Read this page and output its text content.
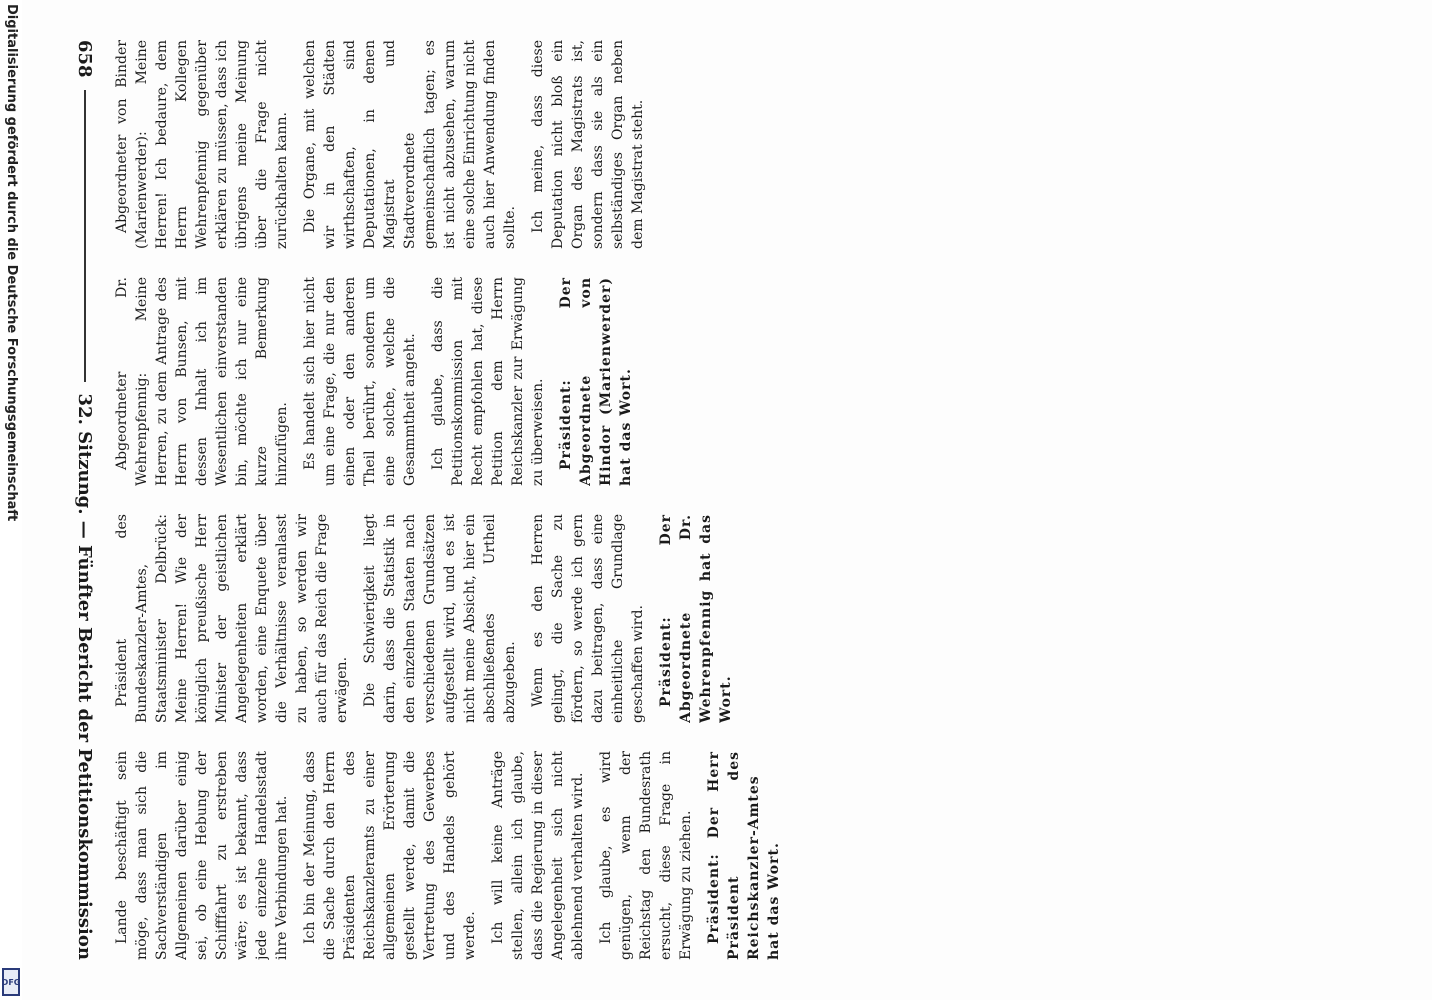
Lande beschäftigt sein möge, dass man sich die Sachverständigen im Allgemeinen darüber einig sei, ob eine Hebung der Schifffahrt zu erstreben wäre; es ist bekannt, dass jede einzelne Handelsstadt ihre Verbindungen hat. Ich bin der Meinung, dass die Sache durch den Herrn Präsidenten des Reichskanzleramts zu einer allgemeinen Erörterung gestellt werde, damit die Vertretung des Gewerbes und des Handels gehört werde. Ich will keine Anträge stellen, allein ich glaube, dass die Regierung in dieser Angelegenheit sich nicht ablehnend verhalten wird. Ich glaube, es wird genügen, wenn der Reichstag den Bundesrath ersucht, diese Frage in Erwägung zu ziehen. Präsident: Der Herr Präsident des Reichskanzler-Amtes hat das Wort.

Präsident des Bundeskanzler-Amtes, Staatsminister Delbrück: Meine Herren! Wie der königlich preußische Herr Minister der geistlichen Angelegenheiten erklärt worden, eine Enquete über die Verhältnisse veranlasst zu haben, so werden wir auch für das Reich die Frage erwägen. Die Schwierigkeit liegt darin, dass die Statistik in den einzelnen Staaten nach verschiedenen Grundsätzen aufgestellt wird, und es ist nicht meine Absicht, hier ein abschließendes Urtheil abzugeben. Wenn es den Herren gelingt, die Sache zu fördern, so werde ich gern dazu beitragen, dass eine einheitliche Grundlage geschaffen wird. Präsident: Der Abgeordnete Dr. Wehrenpfennig hat das Wort.

Abgeordneter Dr. Wehrenpfennig: Meine Herren, zu dem Antrage des Herrn von Bunsen, mit dessen Inhalt ich im Wesentlichen einverstanden bin, möchte ich nur eine kurze Bemerkung hinzufügen. Es handelt sich hier nicht um eine Frage, die nur den einen oder den anderen Theil berührt, sondern um eine solche, welche die Gesammtheit angeht. Ich glaube, dass die Petitionskommission mit Recht empfohlen hat, diese Petition dem Herrn Reichskanzler zur Erwägung zu überweisen. Präsident: Der Abgeordnete von Hindor (Marienwerder) hat das Wort.

Abgeordneter von Binder (Marienwerder): Meine Herren! Ich bedaure, dem Herrn Kollegen Wehrenpfennig gegenüber erklären zu müssen, dass ich übrigens meine Meinung über die Frage nicht zurückhalten kann. Die Organe, mit welchen wir in den Städten wirthschaften, sind Deputationen, in denen Magistrat und Stadtverordnete gemeinschaftlich tagen; es ist nicht abzusehen, warum eine solche Einrichtung nicht auch hier Anwendung finden sollte. Ich meine, dass diese Deputation nicht bloß ein Organ des Magistrats ist, sondern dass sie als ein selbständiges Organ neben dem Magistrat steht.

658
32. Sitzung. — Fünfter Bericht der Petitionskommission
Digitalisierung gefördert durch die Deutsche Forschungsgemeinschaft
DFG
